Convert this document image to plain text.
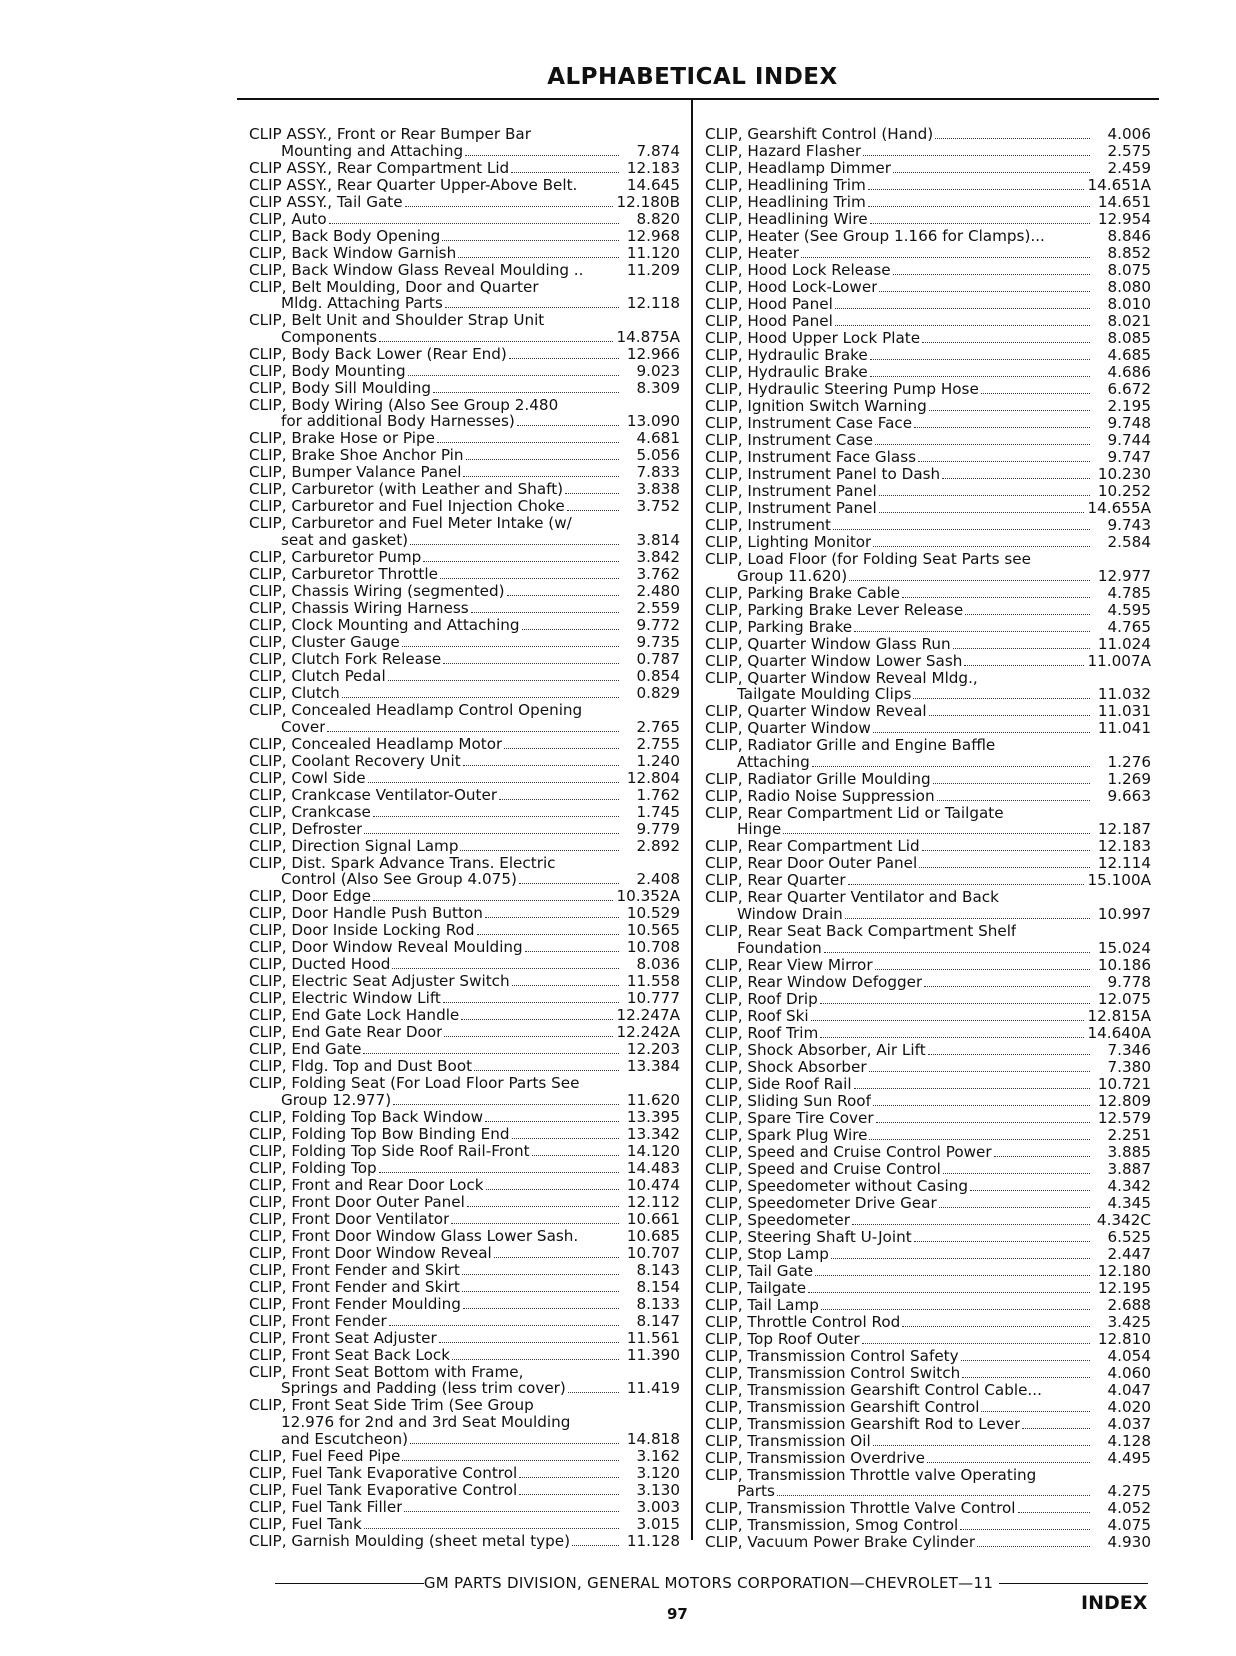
ALPHABETICAL INDEX
CLIP ASSY., Front or Rear Bumper Bar
Mounting and Attaching	7.874
CLIP ASSY., Rear Compartment Lid	12.183
CLIP ASSY., Rear Quarter Upper-Above Belt.	14.645
CLIP ASSY., Tail Gate	12.180B
CLIP, Auto	8.820
CLIP, Back Body Opening	12.968
CLIP, Back Window Garnish	11.120
CLIP, Back Window Glass Reveal Moulding ..	11.209
CLIP, Belt Moulding, Door and Quarter
Mldg. Attaching Parts	12.118
CLIP, Belt Unit and Shoulder Strap Unit
Components	14.875A
CLIP, Body Back Lower (Rear End)	12.966
CLIP, Body Mounting	9.023
CLIP, Body Sill Moulding	8.309
CLIP, Body Wiring (Also See Group 2.480
for additional Body Harnesses)	13.090
CLIP, Brake Hose or Pipe	4.681
CLIP, Brake Shoe Anchor Pin	5.056
CLIP, Bumper Valance Panel	7.833
CLIP, Carburetor (with Leather and Shaft)	3.838
CLIP, Carburetor and Fuel Injection Choke	3.752
CLIP, Carburetor and Fuel Meter Intake (w/
seat and gasket)	3.814
CLIP, Carburetor Pump	3.842
CLIP, Carburetor Throttle	3.762
CLIP, Chassis Wiring (segmented)	2.480
CLIP, Chassis Wiring Harness	2.559
CLIP, Clock Mounting and Attaching	9.772
CLIP, Cluster Gauge	9.735
CLIP, Clutch Fork Release	0.787
CLIP, Clutch Pedal	0.854
CLIP, Clutch	0.829
CLIP, Concealed Headlamp Control Opening
Cover	2.765
CLIP, Concealed Headlamp Motor	2.755
CLIP, Coolant Recovery Unit	1.240
CLIP, Cowl Side	12.804
CLIP, Crankcase Ventilator-Outer	1.762
CLIP, Crankcase	1.745
CLIP, Defroster	9.779
CLIP, Direction Signal Lamp	2.892
CLIP, Dist. Spark Advance Trans. Electric
Control (Also See Group 4.075)	2.408
CLIP, Door Edge	10.352A
CLIP, Door Handle Push Button	10.529
CLIP, Door Inside Locking Rod	10.565
CLIP, Door Window Reveal Moulding	10.708
CLIP, Ducted Hood	8.036
CLIP, Electric Seat Adjuster Switch	11.558
CLIP, Electric Window Lift	10.777
CLIP, End Gate Lock Handle	12.247A
CLIP, End Gate Rear Door	12.242A
CLIP, End Gate	12.203
CLIP, Fldg. Top and Dust Boot	13.384
CLIP, Folding Seat (For Load Floor Parts See
Group 12.977)	11.620
CLIP, Folding Top Back Window	13.395
CLIP, Folding Top Bow Binding End	13.342
CLIP, Folding Top Side Roof Rail-Front	14.120
CLIP, Folding Top	14.483
CLIP, Front and Rear Door Lock	10.474
CLIP, Front Door Outer Panel	12.112
CLIP, Front Door Ventilator	10.661
CLIP, Front Door Window Glass Lower Sash.	10.685
CLIP, Front Door Window Reveal	10.707
CLIP, Front Fender and Skirt	8.143
CLIP, Front Fender and Skirt	8.154
CLIP, Front Fender Moulding	8.133
CLIP, Front Fender	8.147
CLIP, Front Seat Adjuster	11.561
CLIP, Front Seat Back Lock	11.390
CLIP, Front Seat Bottom with Frame,
Springs and Padding (less trim cover)	11.419
CLIP, Front Seat Side Trim (See Group
12.976 for 2nd and 3rd Seat Moulding
and Escutcheon)	14.818
CLIP, Fuel Feed Pipe	3.162
CLIP, Fuel Tank Evaporative Control	3.120
CLIP, Fuel Tank Evaporative Control	3.130
CLIP, Fuel Tank Filler	3.003
CLIP, Fuel Tank	3.015
CLIP, Garnish Moulding (sheet metal type)	11.128
CLIP, Gearshift Control (Hand)	4.006
CLIP, Hazard Flasher	2.575
CLIP, Headlamp Dimmer	2.459
CLIP, Headlining Trim	14.651A
CLIP, Headlining Trim	14.651
CLIP, Headlining Wire	12.954
CLIP, Heater (See Group 1.166 for Clamps)...	8.846
CLIP, Heater	8.852
CLIP, Hood Lock Release	8.075
CLIP, Hood Lock-Lower	8.080
CLIP, Hood Panel	8.010
CLIP, Hood Panel	8.021
CLIP, Hood Upper Lock Plate	8.085
CLIP, Hydraulic Brake	4.685
CLIP, Hydraulic Brake	4.686
CLIP, Hydraulic Steering Pump Hose	6.672
CLIP, Ignition Switch Warning	2.195
CLIP, Instrument Case Face	9.748
CLIP, Instrument Case	9.744
CLIP, Instrument Face Glass	9.747
CLIP, Instrument Panel to Dash	10.230
CLIP, Instrument Panel	10.252
CLIP, Instrument Panel	14.655A
CLIP, Instrument	9.743
CLIP, Lighting Monitor	2.584
CLIP, Load Floor (for Folding Seat Parts see
Group 11.620)	12.977
CLIP, Parking Brake Cable	4.785
CLIP, Parking Brake Lever Release	4.595
CLIP, Parking Brake	4.765
CLIP, Quarter Window Glass Run	11.024
CLIP, Quarter Window Lower Sash	11.007A
CLIP, Quarter Window Reveal Mldg.,
Tailgate Moulding Clips	11.032
CLIP, Quarter Window Reveal	11.031
CLIP, Quarter Window	11.041
CLIP, Radiator Grille and Engine Baffle
Attaching	1.276
CLIP, Radiator Grille Moulding	1.269
CLIP, Radio Noise Suppression	9.663
CLIP, Rear Compartment Lid or Tailgate
Hinge	12.187
CLIP, Rear Compartment Lid	12.183
CLIP, Rear Door Outer Panel	12.114
CLIP, Rear Quarter	15.100A
CLIP, Rear Quarter Ventilator and Back
Window Drain	10.997
CLIP, Rear Seat Back Compartment Shelf
Foundation	15.024
CLIP, Rear View Mirror	10.186
CLIP, Rear Window Defogger	9.778
CLIP, Roof Drip	12.075
CLIP, Roof Ski	12.815A
CLIP, Roof Trim	14.640A
CLIP, Shock Absorber, Air Lift	7.346
CLIP, Shock Absorber	7.380
CLIP, Side Roof Rail	10.721
CLIP, Sliding Sun Roof	12.809
CLIP, Spare Tire Cover	12.579
CLIP, Spark Plug Wire	2.251
CLIP, Speed and Cruise Control Power	3.885
CLIP, Speed and Cruise Control	3.887
CLIP, Speedometer without Casing	4.342
CLIP, Speedometer Drive Gear	4.345
CLIP, Speedometer	4.342C
CLIP, Steering Shaft U-Joint	6.525
CLIP, Stop Lamp	2.447
CLIP, Tail Gate	12.180
CLIP, Tailgate	12.195
CLIP, Tail Lamp	2.688
CLIP, Throttle Control Rod	3.425
CLIP, Top Roof Outer	12.810
CLIP, Transmission Control Safety	4.054
CLIP, Transmission Control Switch	4.060
CLIP, Transmission Gearshift Control Cable...	4.047
CLIP, Transmission Gearshift Control	4.020
CLIP, Transmission Gearshift Rod to Lever	4.037
CLIP, Transmission Oil	4.128
CLIP, Transmission Overdrive	4.495
CLIP, Transmission Throttle valve Operating
Parts	4.275
CLIP, Transmission Throttle Valve Control	4.052
CLIP, Transmission, Smog Control	4.075
CLIP, Vacuum Power Brake Cylinder	4.930
GM PARTS DIVISION, GENERAL MOTORS CORPORATION—CHEVROLET—11
97	INDEX
